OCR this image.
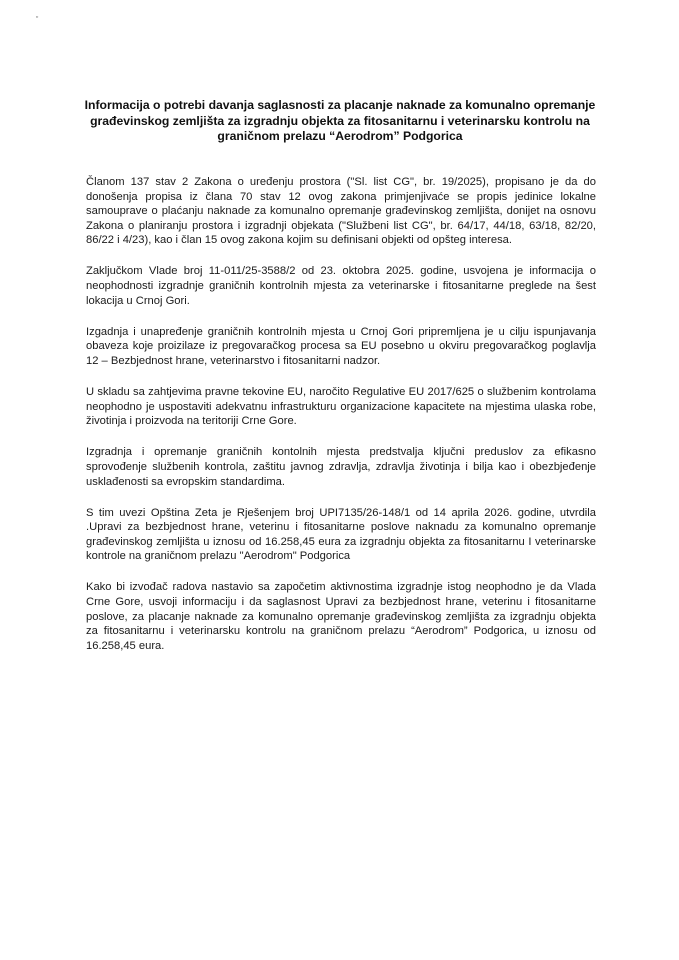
„
Informacija o potrebi davanja saglasnosti za placanje naknade za komunalno opremanje
građevinskog zemljišta za izgradnju objekta za fitosanitarnu i veterinarsku kontrolu na
graničnom prelazu “Aerodrom” Podgorica
Članom 137 stav 2 Zakona o uređenju prostora ("Sl. list CG", br. 19/2025), propisano je da do
donošenja propisa iz člana 70 stav 12 ovog zakona primjenjivaće se propis jedinice lokalne
samouprave o plaćanju naknade za komunalno opremanje građevinskog zemljišta, donijet na osnovu
Zakona o planiranju prostora i izgradnji objekata ("Službeni list CG", br. 64/17, 44/18, 63/18, 82/20,
86/22 i 4/23), kao i član 15 ovog zakona kojim su definisani objekti od opšteg interesa.
Zaključkom Vlade broj 11-011/25-3588/2 od 23. oktobra 2025. godine, usvojena je informacija o
neophodnosti izgradnje graničnih kontrolnih mjesta za veterinarske i fitosanitarne preglede na šest
lokacija u Crnoj Gori.
Izgadnja i unapređenje graničnih kontrolnih mjesta u Crnoj Gori pripremljena je u cilju ispunjavanja
obaveza koje proizilaze iz pregovaračkog procesa sa EU posebno u okviru pregovaračkog poglavlja
12 – Bezbjednost hrane, veterinarstvo i fitosanitarni nadzor.
U skladu sa zahtjevima pravne tekovine EU, naročito Regulative EU 2017/625 o službenim kontrolama
neophodno je uspostaviti adekvatnu infrastrukturu organizacione kapacitete na mjestima ulaska robe,
životinja i proizvoda na teritoriji Crne Gore.
Izgradnja i opremanje graničnih kontolnih mjesta predstvalja ključni preduslov za efikasno
sprovođenje službenih kontrola, zaštitu javnog zdravlja, zdravlja životinja i bilja kao i obezbjeđenje
usklađenosti sa evropskim standardima.
S tim uvezi Opština Zeta je Rješenjem broj UPI7135/26-148/1 od 14 aprila 2026. godine, utvrdila
.Upravi za bezbjednost hrane, veterinu i fitosanitarne poslove naknadu za komunalno opremanje
građevinskog zemljišta u iznosu od 16.258,45 eura za izgradnju objekta za fitosanitarnu I veterinarske
kontrole na graničnom prelazu "Aerodrom" Podgorica
Kako bi izvođač radova nastavio sa započetim aktivnostima izgradnje istog neophodno je da Vlada
Crne Gore, usvoji informaciju i da saglasnost Upravi za bezbjednost hrane, veterinu i fitosanitarne
poslove, za placanje naknade za komunalno opremanje građevinskog zemljišta za izgradnju objekta
za fitosanitarnu i veterinarsku kontrolu na graničnom prelazu “Aerodrom” Podgorica, u iznosu od
16.258,45 eura.
